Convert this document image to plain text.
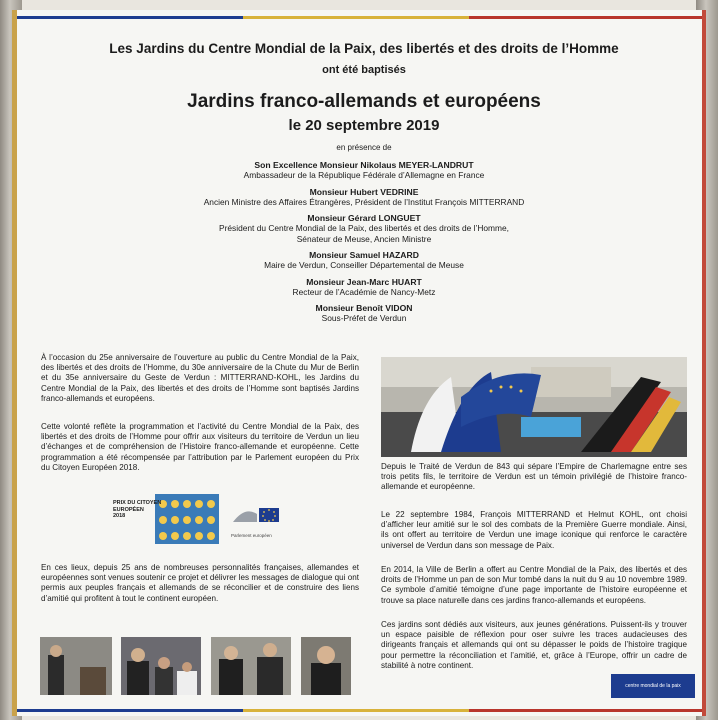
Les Jardins du Centre Mondial de la Paix, des libertés et des droits de l’Homme
ont été baptisés
Jardins franco-allemands et européens
le 20 septembre 2019
en présence de
Son Excellence Monsieur Nikolaus MEYER-LANDRUT
Ambassadeur de la République Fédérale d’Allemagne en France
Monsieur Hubert VEDRINE
Ancien Ministre des Affaires Étrangères, Président de l’Institut François MITTERRAND
Monsieur Gérard LONGUET
Président du Centre Mondial de la Paix, des libertés et des droits de l’Homme,
Sénateur de Meuse, Ancien Ministre
Monsieur Samuel HAZARD
Maire de Verdun, Conseiller Départemental de Meuse
Monsieur Jean-Marc HUART
Recteur de l’Académie de Nancy-Metz
Monsieur Benoît VIDON
Sous-Préfet de Verdun
À l’occasion du 25e anniversaire de l’ouverture au public du Centre Mondial de la Paix, des libertés et des droits de l’Homme, du 30e anniversaire de la Chute du Mur de Berlin et du 35e anniversaire du Geste de Verdun : MITTERRAND-KOHL, les Jardins du Centre Mondial de la Paix, des libertés et des droits de l’Homme sont baptisés Jardins franco-allemands et européens.
Cette volonté reflète la programmation et l’activité du Centre Mondial de la Paix, des libertés et des droits de l’Homme pour offrir aux visiteurs du territoire de Verdun un lieu d’échanges et de compréhension de l’Histoire franco-allemande et européenne. Cette programmation a été récompensée par l’attribution par le Parlement européen du Prix du Citoyen Européen 2018.
PRIX DU CITOYEN
EUROPÉEN
2018
Parlement européen
En ces lieux, depuis 25 ans de nombreuses personnalités françaises, allemandes et européennes sont venues soutenir ce projet et délivrer les messages de dialogue qui ont permis aux peuples français et allemands de se réconcilier et de construire des liens d’amitié qui profitent à tout le continent européen.
Depuis le Traité de Verdun de 843 qui sépare l’Empire de Charlemagne entre ses trois petits fils, le territoire de Verdun est un témoin privilégié de l’histoire franco-allemande et européenne.
Le 22 septembre 1984, François MITTERRAND et Helmut KOHL, ont choisi d’afficher leur amitié sur le sol des combats de la Première Guerre mondiale. Ainsi, ils ont offert au territoire de Verdun une image iconique qui renforce le caractère universel de Verdun dans son message de Paix.
En 2014, la Ville de Berlin a offert au Centre Mondial de la Paix, des libertés et des droits de l’Homme un pan de son Mur tombé dans la nuit du 9 au 10 novembre 1989. Ce symbole d’amitié témoigne d’une page importante de l’histoire européenne et trouve sa place naturelle dans ces jardins franco-allemands et européens.
Ces jardins sont dédiés aux visiteurs, aux jeunes générations. Puissent-ils y trouver un espace paisible de réflexion pour oser suivre les traces audacieuses des dirigeants français et allemands qui ont su dépasser le poids de l’histoire tragique pour permettre la réconciliation et l’amitié, et, grâce à l’Europe, offrir un cadre de stabilité à notre continent.
centre mondial de la paix
